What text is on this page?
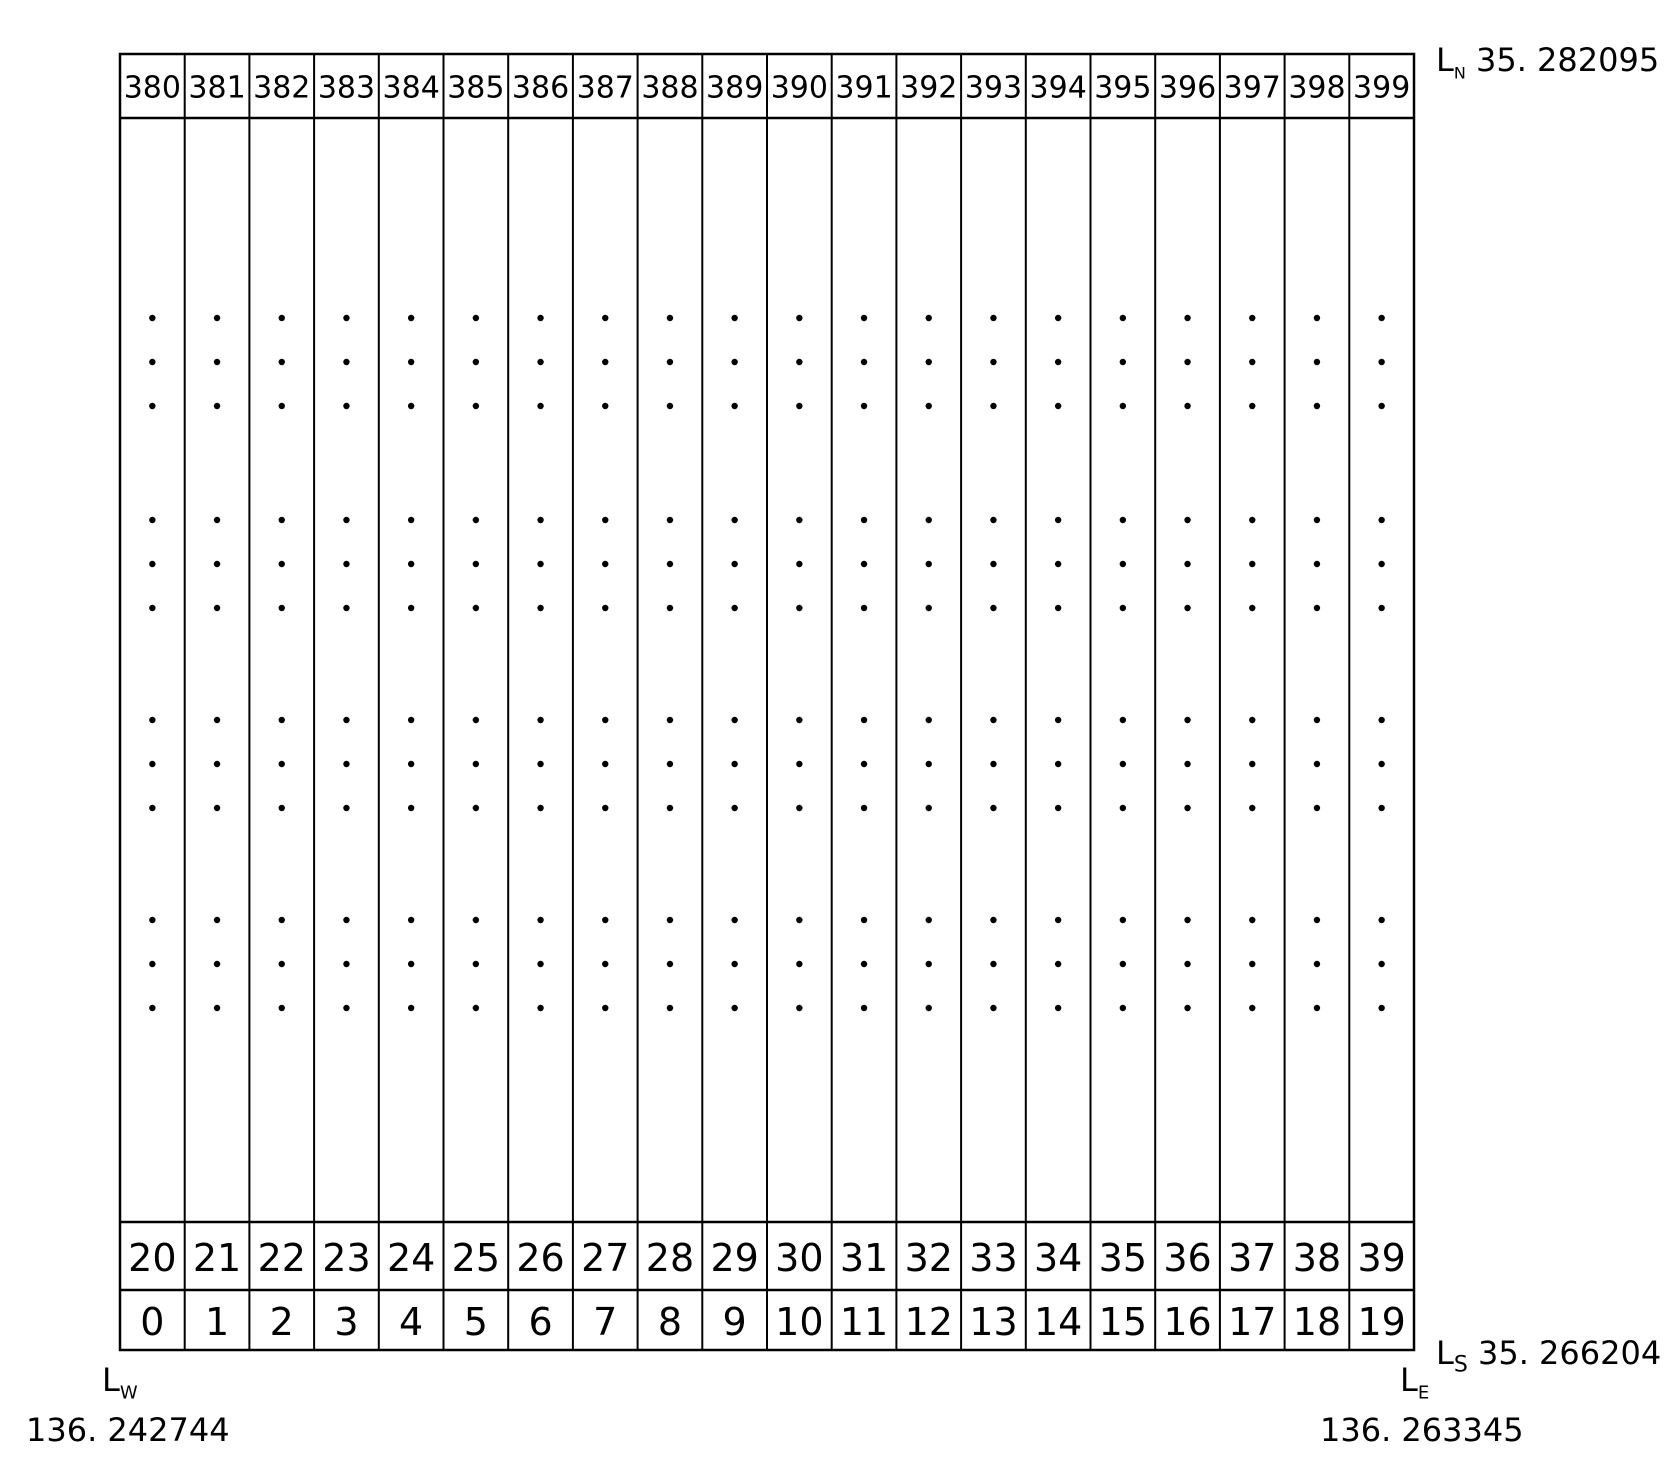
380 381 382 383 384 385 386 387 388 389 390 391 392 393 394 395 396 397 398 399
20 21 22 23 24 25 26 27 28 29 30 31 32 33 34 35 36 37 38 39
0 1 2 3 4 5 6 7 8 9 10 11 12 13 14 15 16 17 18 19
$L_N$ 35. 282095
$L_S$ 35. 266204
$L_W$
136. 242744
$L_E$
136. 263345
